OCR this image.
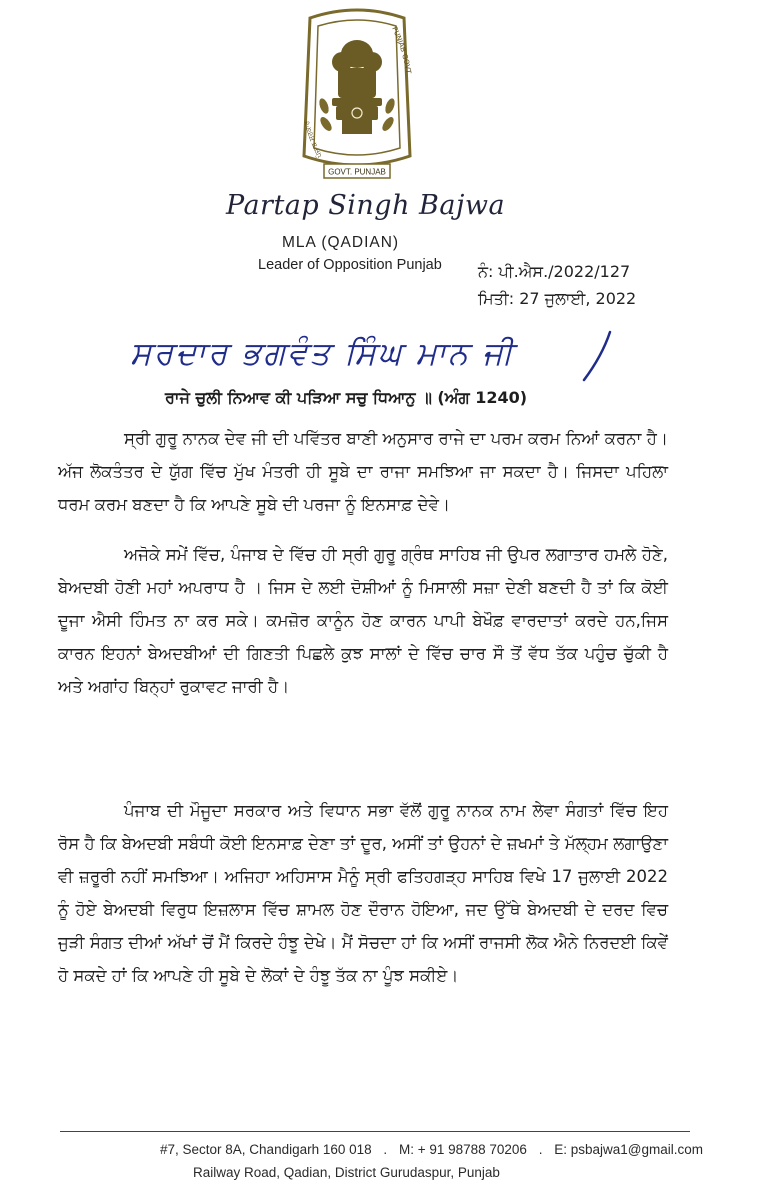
ਪੰਜਾਬ ਸਰਕਾਰ
PUNJAB GOVT
GOVT. PUNJAB
Partap Singh Bajwa
MLA (QADIAN)
Leader of Opposition Punjab ਨੰ: ਪੀ.ਐਸ./2022/127
ਮਿਤੀ: 27 ਜੁਲਾਈ, 2022
ਸਰਦਾਰ ਭਗਵੰਤ ਸਿੰਘ ਮਾਨ ਜੀ
ਰਾਜੇ ਚੁਲੀ ਨਿਆਵ ਕੀ ਪੜਿਆ ਸਚੁ ਧਿਆਨੁ ॥ (ਅੰਗ 1240)
ਸ੍ਰੀ ਗੁਰੂ ਨਾਨਕ ਦੇਵ ਜੀ ਦੀ ਪਵਿੱਤਰ ਬਾਣੀ ਅਨੁਸਾਰ ਰਾਜੇ ਦਾ ਪਰਮ ਕਰਮ ਨਿਆਂ ਕਰਨਾ ਹੈ। ਅੱਜ ਲੋਕਤੰਤਰ ਦੇ ਯੁੱਗ ਵਿੱਚ ਮੁੱਖ ਮੰਤਰੀ ਹੀ ਸੂਬੇ ਦਾ ਰਾਜਾ ਸਮਝਿਆ ਜਾ ਸਕਦਾ ਹੈ। ਜਿਸਦਾ ਪਹਿਲਾ ਧਰਮ ਕਰਮ ਬਣਦਾ ਹੈ ਕਿ ਆਪਣੇ ਸੂਬੇ ਦੀ ਪਰਜਾ ਨੂੰ ਇਨਸਾਫ਼ ਦੇਵੇ।
ਅਜੋਕੇ ਸਮੇਂ ਵਿੱਚ, ਪੰਜਾਬ ਦੇ ਵਿੱਚ ਹੀ ਸ੍ਰੀ ਗੁਰੂ ਗ੍ਰੰਥ ਸਾਹਿਬ ਜੀ ਉਪਰ ਲਗਾਤਾਰ ਹਮਲੇ ਹੋਣੇ, ਬੇਅਦਬੀ ਹੋਣੀ ਮਹਾਂ ਅਪਰਾਧ ਹੈ । ਜਿਸ ਦੇ ਲਈ ਦੋਸ਼ੀਆਂ ਨੂੰ ਮਿਸਾਲੀ ਸਜ਼ਾ ਦੇਣੀ ਬਣਦੀ ਹੈ ਤਾਂ ਕਿ ਕੋਈ ਦੂਜਾ ਐਸੀ ਹਿੰਮਤ ਨਾ ਕਰ ਸਕੇ। ਕਮਜ਼ੋਰ ਕਾਨੂੰਨ ਹੋਣ ਕਾਰਨ ਪਾਪੀ ਬੇਖੌਫ਼ ਵਾਰਦਾਤਾਂ ਕਰਦੇ ਹਨ,ਜਿਸ ਕਾਰਨ ਇਹਨਾਂ ਬੇਅਦਬੀਆਂ ਦੀ ਗਿਣਤੀ ਪਿਛਲੇ ਕੁਝ ਸਾਲਾਂ ਦੇ ਵਿੱਚ ਚਾਰ ਸੌ ਤੋਂ ਵੱਧ ਤੱਕ ਪਹੁੰਚ ਚੁੱਕੀ ਹੈ ਅਤੇ ਅਗਾਂਹ ਬਿਨ੍ਹਾਂ ਰੁਕਾਵਟ ਜਾਰੀ ਹੈ।
ਪੰਜਾਬ ਦੀ ਮੌਜੂਦਾ ਸਰਕਾਰ ਅਤੇ ਵਿਧਾਨ ਸਭਾ ਵੱਲੋਂ ਗੁਰੂ ਨਾਨਕ ਨਾਮ ਲੇਵਾ ਸੰਗਤਾਂ ਵਿੱਚ ਇਹ ਰੋਸ ਹੈ ਕਿ ਬੇਅਦਬੀ ਸਬੰਧੀ ਕੋਈ ਇਨਸਾਫ਼ ਦੇਣਾ ਤਾਂ ਦੂਰ, ਅਸੀਂ ਤਾਂ ਉਹਨਾਂ ਦੇ ਜ਼ਖਮਾਂ ਤੇ ਮੱਲ੍ਹਮ ਲਗਾਉਣਾ ਵੀ ਜ਼ਰੂਰੀ ਨਹੀਂ ਸਮਝਿਆ। ਅਜਿਹਾ ਅਹਿਸਾਸ ਮੈਨੂੰ ਸ੍ਰੀ ਫਤਿਹਗੜ੍ਹ ਸਾਹਿਬ ਵਿਖੇ 17 ਜੁਲਾਈ 2022 ਨੂੰ ਹੋਏ ਬੇਅਦਬੀ ਵਿਰੁਧ ਇਜ਼ਲਾਸ ਵਿੱਚ ਸ਼ਾਮਲ ਹੋਣ ਦੌਰਾਨ ਹੋਇਆ, ਜਦ ਉੱਥੇ ਬੇਅਦਬੀ ਦੇ ਦਰਦ ਵਿਚ ਜੁੜੀ ਸੰਗਤ ਦੀਆਂ ਅੱਖਾਂ ਚੋਂ ਮੈਂ ਕਿਰਦੇ ਹੰਝੂ ਦੇਖੇ। ਮੈਂ ਸੋਚਦਾ ਹਾਂ ਕਿ ਅਸੀਂ ਰਾਜਸੀ ਲੋਕ ਐਨੇ ਨਿਰਦਈ ਕਿਵੇਂ ਹੋ ਸਕਦੇ ਹਾਂ ਕਿ ਆਪਣੇ ਹੀ ਸੂਬੇ ਦੇ ਲੋਕਾਂ ਦੇ ਹੰਝੂ ਤੱਕ ਨਾ ਪੂੰਝ ਸਕੀਏ।
#7, Sector 8A, Chandigarh 160 018 . M: + 91 98788 70206 . E: psbajwa1@gmail.com
Railway Road, Qadian, District Gurudaspur, Punjab
